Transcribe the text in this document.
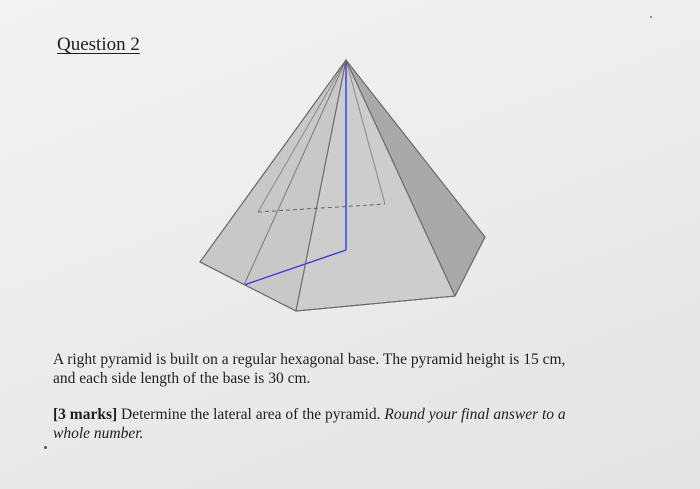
Question 2

A right pyramid is built on a regular hexagonal base. The pyramid height is 15 cm,
and each side length of the base is 30 cm.

[3 marks] Determine the lateral area of the pyramid. Round your final answer to a
whole number.
